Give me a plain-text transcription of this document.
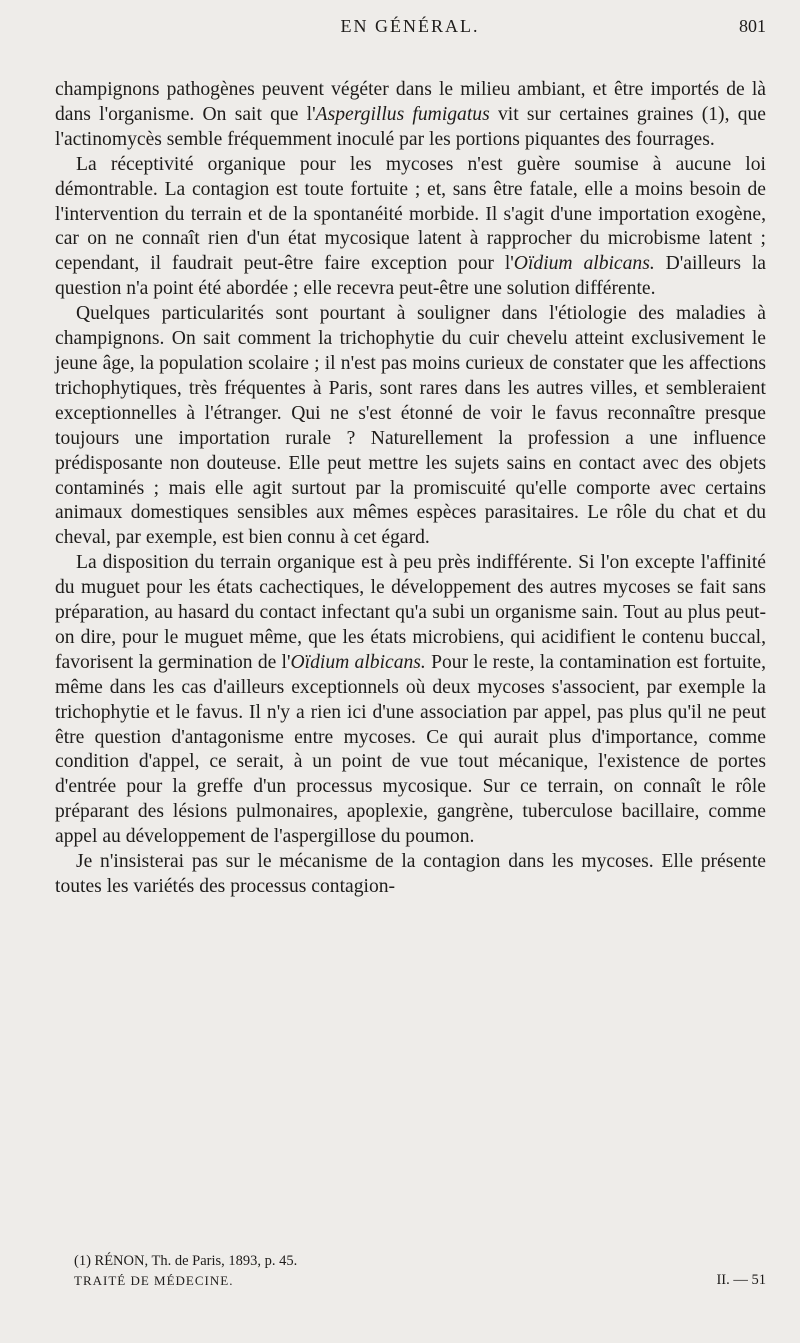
EN GÉNÉRAL.	801

champignons pathogènes peuvent végéter dans le milieu ambiant, et être importés de là dans l'organisme. On sait que l'Aspergillus fumigatus vit sur certaines graines (1), que l'actinomycès semble fréquemment inoculé par les portions piquantes des fourrages.

La réceptivité organique pour les mycoses n'est guère soumise à aucune loi démontrable. La contagion est toute fortuite ; et, sans être fatale, elle a moins besoin de l'intervention du terrain et de la spontanéité morbide. Il s'agit d'une importation exogène, car on ne connaît rien d'un état mycosique latent à rapprocher du microbisme latent ; cependant, il faudrait peut-être faire exception pour l'Oïdium albicans. D'ailleurs la question n'a point été abordée ; elle recevra peut-être une solution différente.

Quelques particularités sont pourtant à souligner dans l'étiologie des maladies à champignons. On sait comment la trichophytie du cuir chevelu atteint exclusivement le jeune âge, la population scolaire ; il n'est pas moins curieux de constater que les affections trichophytiques, très fréquentes à Paris, sont rares dans les autres villes, et sembleraient exceptionnelles à l'étranger. Qui ne s'est étonné de voir le favus reconnaître presque toujours une importation rurale ? Naturellement la profession a une influence prédisposante non douteuse. Elle peut mettre les sujets sains en contact avec des objets contaminés ; mais elle agit surtout par la promiscuité qu'elle comporte avec certains animaux domestiques sensibles aux mêmes espèces parasitaires. Le rôle du chat et du cheval, par exemple, est bien connu à cet égard.

La disposition du terrain organique est à peu près indifférente. Si l'on excepte l'affinité du muguet pour les états cachectiques, le développement des autres mycoses se fait sans préparation, au hasard du contact infectant qu'a subi un organisme sain. Tout au plus peut-on dire, pour le muguet même, que les états microbiens, qui acidifient le contenu buccal, favorisent la germination de l'Oïdium albicans. Pour le reste, la contamination est fortuite, même dans les cas d'ailleurs exceptionnels où deux mycoses s'associent, par exemple la trichophytie et le favus. Il n'y a rien ici d'une association par appel, pas plus qu'il ne peut être question d'antagonisme entre mycoses. Ce qui aurait plus d'importance, comme condition d'appel, ce serait, à un point de vue tout mécanique, l'existence de portes d'entrée pour la greffe d'un processus mycosique. Sur ce terrain, on connaît le rôle préparant des lésions pulmonaires, apoplexie, gangrène, tuberculose bacillaire, comme appel au développement de l'aspergillose du poumon.

Je n'insisterai pas sur le mécanisme de la contagion dans les mycoses. Elle présente toutes les variétés des processus contagion-

(1) RÉNON, Th. de Paris, 1893, p. 45.

TRAITÉ DE MÉDECINE.	II. — 51
